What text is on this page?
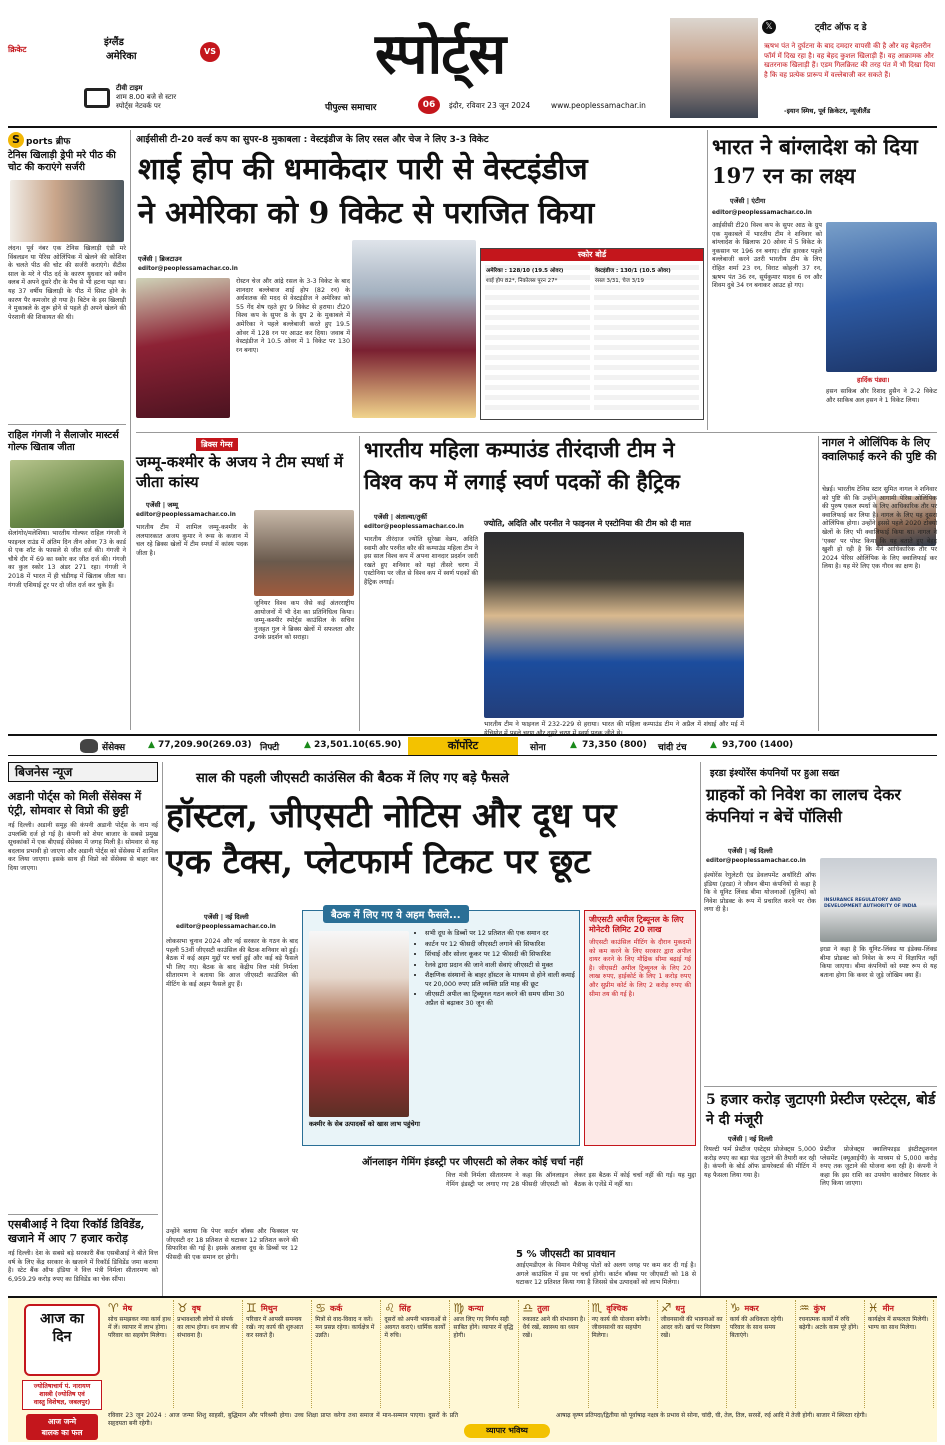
क्रिकेट
इंग्लैंड
अमेरिका	VS
टीवी टाइम
शाम 8.00 बजे से स्टार
स्पोर्ट्स नेटवर्क पर
स्पोर्ट्स
पीपुल्स समाचार	06	इंदौर, रविवार 23 जून 2024	www.peoplessamachar.in
𝕏	ट्वीट ऑफ द डे
ऋषभ पंत ने दुर्घटना के बाद दमदार वापसी की है और वह बेहतरीन फॉर्म में दिख रहा है। वह बेहद कुशल खिलाड़ी हैं। वह आक्रामक और खतरनाक खिलाड़ी हैं। एडम गिलक्रिस्ट की तरह पंत में भी दिखा दिया है कि वह प्रत्येक प्रारूप में वल्लेबाजी कर सकते हैं।
-इयान स्मिथ, पूर्व क्रिकेटर, न्यूजीलैंड
S ports ब्रीफ
टेनिस खिलाड़ी ड्रेपी मरे पीठ की चोट की कराएंगे सर्जरी
लंदन। पूर्व नंबर एक टेनिस खिलाड़ी एंडी मरे विंबलडन या पेरिस ओलिंपिक में खेलने की कोशिश के चलते पीठ की चोट की सर्जरी कराएंगे। सैटीस साल के मरे ने पीठ दर्द के कारण युधवार को क्वीन क्लब में अपने दूसरे दौर के मैच से भी हटना पड़ा था। यह 37 वर्षीय खिलाड़ी के पीठ में सिस्ट होने के कारण पैर कमजोर हो गया है। बिटेन के इस खिलाड़ी ने मुकाबले के शुरू होने से पहले ही अपने खेलने की पेरशानी की शिकायत की थी।
राहिल गंगजी ने सैलाजोर मास्टर्स गोल्फ खिताब जीता
सेलांगोर/मलेशिया। भारतीय गोल्फर राहिल गंगजी ने फाइनल राउंड में अंतिम दिन तीन ओवर 73 के कार्ड से एक शॉट के फासले से जीत दर्ज की। गंगजी ने चौथे दौर में 69 का स्कोर कर जीत दर्ज की। गंगजी का कुल स्कोर 13 अंडर 271 रहा। गंगजी ने 2018 में भारत में ही चंडीगढ़ में खिताब जीता था। गंगजी एशियाई टूर पर दो जीत दर्ज कर चुके हैं।
आईसीसी टी-20 वर्ल्ड कप का सुपर-8 मुकाबला : वेस्टइंडीज के लिए रसल और चेज ने लिए 3-3 विकेट
शाई होप की धमाकेदार पारी से वेस्टइंडीज
ने अमेरिका को 9 विकेट से पराजित किया
एजेंसी | ब्रिजटाउन
editor@peoplessamachar.co.in
रोस्टन चेज और आंद्रे रसल के 3-3 विकेट के बाद शानदार बल्लेबाज शाई होप (82 रन) के अर्धशतक की मदद से वेस्टइंडीज ने अमेरिका को 55 गेंद शेष रहते हुए 9 विकेट से हराया। टी20 विश्व कप के सुपर 8 के ग्रुप 2 के मुकाबले में अमेरिका ने पहले बल्लेबाजी करते हुए 19.5 ओवर में 128 रन पर आउट कर दिया। जवाब में वेस्टइंडीज ने 10.5 ओवर में 1 विकेट पर 130 रन बनाए।
स्कोर बोर्ड
अमेरिका : 128/10 (19.5 ओवर)
शाई होप 82*, निकोलस पूरन 27*
वेस्टइंडीज : 130/1 (10.5 ओवर)
रसल 3/31, चेज 3/19
भारत ने बांग्लादेश को दिया 197 रन का लक्ष्य
एजेंसी | एंटीगा
editor@peoplessamachar.co.in
आईसीसी टी20 विश्व कप के सुपर आठ के ग्रुप एक मुकाबले में भारतीय टीम ने शनिवार को बांग्लादेश के खिलाफ 20 ओवर में 5 विकेट के नुकसान पर 196 रन बनाए। टॉस हारकर पहले बल्लेबाजी करने उतरी भारतीय टीम के लिए रोहित शर्मा 23 रन, विराट कोहली 37 रन, ऋषभ पंत 36 रन, सूर्यकुमार यादव 6 रन और शिवम दुबे 34 रन बनाकर आउट हो गए।
हार्दिक पंड्या।
हसन साकिब और रिशाद हुसैन ने 2-2 विकेट और साकिब अल हसन ने 1 विकेट लिया।
ब्रिक्स गेम्स
जम्मू-कश्मीर के अजय ने टीम स्पर्धा में जीता कांस्य
एजेंसी | जम्मू
editor@peoplessamachar.co.in
भारतीय टीम में शामिल जम्मू-कश्मीर के ललयारकात अजय कुमार ने रूस के कजान में चल रहे ब्रिक्स खेलों में टीम स्पर्धा में कांस्य पदक जीता है।
जूनियर विश्व कप जैसे कई अंतरराष्ट्रीय आयोजनों में भी देश का प्रतिनिधित्व किया। जम्मू-कश्मीर स्पोर्ट्स काउंसिल के सचिव नुजहत गुल ने ब्रिक्स खेलों में सफलता और उनके प्रदर्शन को सराहा।
भारतीय महिला कम्पाउंड तीरंदाजी टीम ने
विश्व कप में लगाई स्वर्ण पदकों की हैट्रिक
एजेंसी | अंताल्या/तुर्की
editor@peoplessamachar.co.in	ज्योति, अदिति और परनीत ने फाइनल मे एस्टोनिया की टीम को दी मात
भारतीय तीरंदाज ज्योति सुरेखा वेन्नम, अदिति स्वामी और परनीत कौर की कम्पाउंड महिला टीम ने इस साल विश्व कप में अपना शानदार प्रदर्शन जारी रखते हुए शनिवार को यहां तीसरे चरण में एस्टोनिया पर जीत से विश्व कप में स्वर्ण पदकों की हैट्रिक लगाई।
भारतीय टीम ने फाइनल में 232-229 से हराया। भारत की महिला कम्पाउंड टीम ने अप्रैल में शंघाई और मई में येचियोन में पहले चरण और दूसरे चरण में स्वर्ण पदक जीते थे।
नागल ने ओलिंपिक के लिए क्वालिफाई करने की पुष्टि की
चेन्नई। भारतीय टेनिस स्टार सुमित नागल ने शनिवार को पुष्टि की कि उन्होंने आगामी पेरिस ओलिंपिक की पुरुष एकल स्पर्धा के लिए आधिकारिक तौर पर क्वालिफाई कर लिया है। नागल के लिए यह दूसरा ओलिंपिक होगा। उन्होंने इससे पहले 2020 टोक्यो खेलों के लिए भी क्वालिफाई किया था। नागल ने 'एक्स' पर पोस्ट किया कि यह बताते हुए बेहद खुशी हो रही है कि मैंने आधिकारिक तौर पर 2024 पेरिस ओलिंपिक के लिए क्वालिफाई कर लिया है। यह मेरे लिए एक गौरव का क्षण है।
सेंसेक्स	▲ 77,209.90(269.03) निफ्टी	▲ 23,501.10(65.90)	कॉर्पोरेट	सोना	▲ 73,350 (800) चांदी टंच	▲ 93,700 (1400)
बिजनेस न्यूज
अडानी पोर्ट्स को मिली सेंसेक्स में एंट्री, सोमवार से विप्रो की छुट्टी
नई दिल्ली। अडानी समूह की कंपनी अडानी पोर्ट्स के नाम नई उपलब्धि दर्ज हो गई है। कंपनी को शेयर बाजार के सबसे प्रमुख सूचकांकों में एक बीएसई सेंसेक्स में जगह मिली है। सोमवार से यह बदलाव प्रभावी हो जाएगा और अडानी पोर्ट्स को सेंसेक्स में शामिल कर लिया जाएगा। इसके साथ ही विप्रो को सेंसेक्स से बाहर कर दिया जाएगा।
एसबीआई ने दिया रिकॉर्ड डिविडेंड, खजाने में आए 7 हजार करोड़
नई दिल्ली। देश के सबसे बड़े सरकारी बैंक एसबीआई ने बीते वित्त वर्ष के लिए केंद्र सरकार के खजाने में रिकॉर्ड डिविडेंड जमा कराया है। स्टेट बैंक ऑफ इंडिया ने वित्त मंत्री निर्मला सीतारमण को 6,959.29 करोड़ रुपए का डिविडेंड का चेक सौंपा।
साल की पहली जीएसटी काउंसिल की बैठक में लिए गए बड़े फैसले
हॉस्टल, जीएसटी नोटिस और दूध पर
एक टैक्स, प्लेटफार्म टिकट पर छूट
एजेंसी | नई दिल्ली
editor@peoplessamachar.co.in
लोकसभा चुनाव 2024 और नई सरकार के गठन के बाद पहली 53वीं जीएसटी काउंसिल की बैठक शनिवार को हुई। बैठक में कई अहम मुद्दों पर चर्चा हुई और कई बड़े फैसले भी लिए गए। बैठक के बाद केंद्रीय वित्त मंत्री निर्मला सीतारमण ने बताया कि आज जीएसटी काउंसिल की मीटिंग के कई अहम फैसले हुए हैं।
उन्होंने बताया कि पेपर कार्टन बॉक्स और फिक्सल पर जीएसटी दर 18 प्रतिशत से घटाकर 12 प्रतिशत करने की सिफारिश की गई है। इसके अलावा दूध के डिब्बों पर 12 फीसदी की एक समान दर होगी।
बैठक में लिए गए ये अहम फैसले...
कश्मीर के सेब उत्पादकों को खास लाभ पहुंचेगा
• सभी दूध के डिब्बों पर 12 प्रतिशत की एक समान दर
• कार्टन पर 12 फीसदी जीएसटी लगाने की सिफारिश
• सिंचाई और सोलर कूकर पर 12 फीसदी की सिफारिश
• रेलवे द्वारा प्रदान की जाने वाली सेवाएं जीएसटी से मुक्त
• शैक्षणिक संस्थानों के बाहर हॉस्टल के माध्यम से होने वाली कमाई पर 20,000 रुपए प्रति व्यक्ति प्रति माह की छूट
• जीएसटी अपील का ट्रिब्यूनल गठन करने की समय सीमा 30 अप्रैल से बढ़ाकर 30 जून की
जीएसटी अपील ट्रिब्यूनल के लिए मोनेटरी लिमिट 20 लाख
जीएसटी काउंसिल मीटिंग के दौरान मुकदमों को कम करने के लिए सरकार द्वारा अपील दायर करने के लिए मौद्रिक सीमा बढ़ाई गई है। जीएसटी अपील ट्रिब्यूनल के लिए 20 लाख रुपए, हाईकोर्ट के लिए 1 करोड़ रुपए और सुप्रीम कोर्ट के लिए 2 करोड़ रुपए की सीमा तय की गई है।
ऑनलाइन गेमिंग इंडस्ट्री पर जीएसटी को लेकर कोई चर्चा नहीं
वित्त मंत्री निर्मला सीतारमण ने कहा कि ऑनलाइन गेमिंग इंडस्ट्री पर लगाए गए 28 फीसदी जीएसटी को लेकर इस बैठक में कोई चर्चा नहीं की गई। यह मुद्दा बैठक के एजेंडे में नहीं था।
5 % जीएसटी का प्रावधान
आईएमडीएल के विमान मैत्रीपट्ट पोतों को अलग जगह पर कम कर दी गई है। अगले काउंसिल में इस पर चर्चा होगी। कार्टन बॉक्स पर जीएसटी को 18 से घटाकर 12 प्रतिशत किया गया है जिससे सेब उत्पादकों को लाभ मिलेगा।
इरडा इंश्योरेंस कंपनियों पर हुआ सख्त
ग्राहकों को निवेश का लालच देकर कंपनियां न बेचें पॉलिसी
एजेंसी | नई दिल्ली
editor@peoplessamachar.co.in
इंश्योरेंस रेगुलेटरी एंड डेवलपमेंट अथॉरिटी ऑफ इंडिया (इरडा) ने जीवन बीमा कंपनियों से कहा है कि वे यूनिट लिंक्ड बीमा योजनाओं (यूलिप) को निवेश प्रोडक्ट के रूप में प्रचारित करने पर रोक लगा दी है।
INSURANCE REGULATORY AND DEVELOPMENT AUTHORITY OF INDIA
इरडा ने कहा है कि यूनिट-लिंक्ड या इंडेक्स-लिंक्ड बीमा प्रोडक्ट को निवेश के रूप में विज्ञापित नहीं किया जाएगा। बीमा कंपनियों को स्पष्ट रूप से यह बताना होगा कि कवर से जुड़े जोखिम क्या हैं।
5 हजार करोड़ जुटाएगी प्रेस्टीज एस्टेट्स, बोर्ड ने दी मंजूरी
एजेंसी | नई दिल्ली
रियल्टी फर्म प्रेस्टीज एस्टेट्स प्रोजेक्ट्स 5,000 करोड़ रुपए का बड़ा फंड जुटाने की तैयारी कर रही है। कंपनी के बोर्ड ऑफ डायरेक्टर्स की मीटिंग में यह फैसला लिया गया है।
प्रेस्टीज प्रोजेक्ट्स क्वालिफाइड इंस्टीट्यूशनल प्लेसमेंट (क्यूआईपी) के माध्यम से 5,000 करोड़ रुपए तक जुटाने की योजना बना रही है। कंपनी ने कहा कि इस राशि का उपयोग कारोबार विस्तार के लिए किया जाएगा।
आज का
दिन
ज्योतिषाचार्य पं. नारायण
शास्त्री (ज्योतिष एवं
वास्तु विशेषज्ञ, जबलपुर)
आज जन्मे
बालक का फल
♈ मेष
सोच समझकर नया कार्य हाथ में लें। व्यापार में लाभ होगा। परिवार का सहयोग मिलेगा।
♉ वृष
प्रभावशाली लोगों से संपर्क का लाभ होगा। धन लाभ की संभावना है।
♊ मिथुन
परिवार में आपसी समन्वय रखें। नए कार्य की शुरुआत कर सकते हैं।
♋ कर्क
मित्रों से वाद-विवाद न करें। मन प्रसन्न रहेगा। कार्यक्षेत्र में उन्नति।
♌ सिंह
दूसरों को अपनी भावनाओं से अवगत कराएं। धार्मिक कार्यों में रुचि।
♍ कन्या
आज लिए गए निर्णय सही साबित होंगे। व्यापार में वृद्धि होगी।
♎ तुला
रुकावट आने की संभावना है। धैर्य रखें, स्वास्थ्य का ध्यान रखें।
♏ वृश्चिक
नए कार्य की योजना बनेगी। जीवनसाथी का सहयोग मिलेगा।
♐ धनु
जीवनसाथी की भावनाओं का आदर करें। खर्च पर नियंत्रण रखें।
♑ मकर
कार्य की अधिकता रहेगी। परिवार के साथ समय बिताएंगे।
♒ कुंभ
रचनात्मक कार्यों में रुचि बढ़ेगी। अटके काम पूरे होंगे।
♓ मीन
कार्यक्षेत्र में सफलता मिलेगी। भाग्य का साथ मिलेगा।
रविवार 23 जून 2024 : आज जन्मा शिशु साहसी, बुद्धिमान और परिश्रमी होगा। उच्च शिक्षा प्राप्त करेगा तथा समाज में मान-सम्मान पाएगा। दूसरों के प्रति सहृदयता बनी रहेगी।
व्यापार भविष्य
आषाढ़ कृष्ण प्रतिपदा/द्वितीया को पूर्वाषाढ़ नक्षत्र के प्रभाव से सोना, चांदी, घी, तेल, तिल, सरसों, रुई आदि में तेजी होगी। बाजार में स्थिरता रहेगी।
